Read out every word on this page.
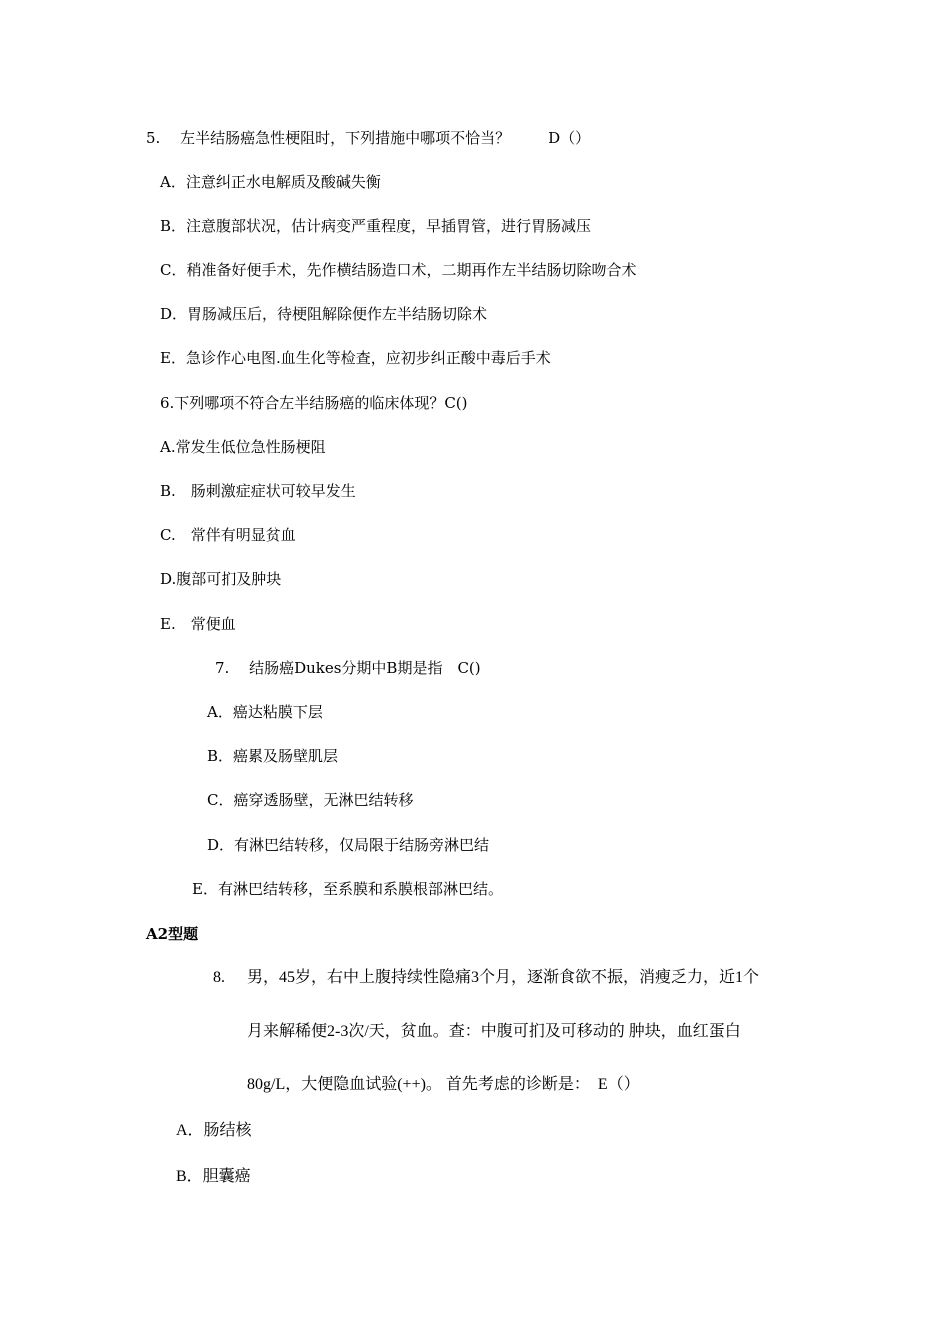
5.　 左半结肠癌急性梗阻时，下列措施中哪项不恰当？	D（）
A．注意纠正水电解质及酸碱失衡
B．注意腹部状况，估计病变严重程度，早插胃管，进行胃肠减压
C．稍准备好便手术，先作横结肠造口术，二期再作左半结肠切除吻合术
D．胃肠减压后，待梗阻解除便作左半结肠切除术
E．急诊作心电图.血生化等检查，应初步纠正酸中毒后手术
6.下列哪项不符合左半结肠癌的临床体现？C()
A.常发生低位急性肠梗阻
B.　肠刺激症症状可较早发生
C.　常伴有明显贫血
D.腹部可扪及肿块
E.　常便血
7.　 结肠癌Dukes分期中B期是指　C()
A．癌达粘膜下层
B．癌累及肠壁肌层
C．癌穿透肠壁，无淋巴结转移
D．有淋巴结转移，仅局限于结肠旁淋巴结
E．有淋巴结转移，至系膜和系膜根部淋巴结。
A2型题
8. 男，45岁，右中上腹持续性隐痛3个月，逐渐食欲不振，消瘦乏力，近1个
月来解稀便2-3次/天，贫血。查：中腹可扪及可移动的 肿块，血红蛋白
80g/L，大便隐血试验(++)。 首先考虑的诊断是：　E（）
A．肠结核
B．胆囊癌
